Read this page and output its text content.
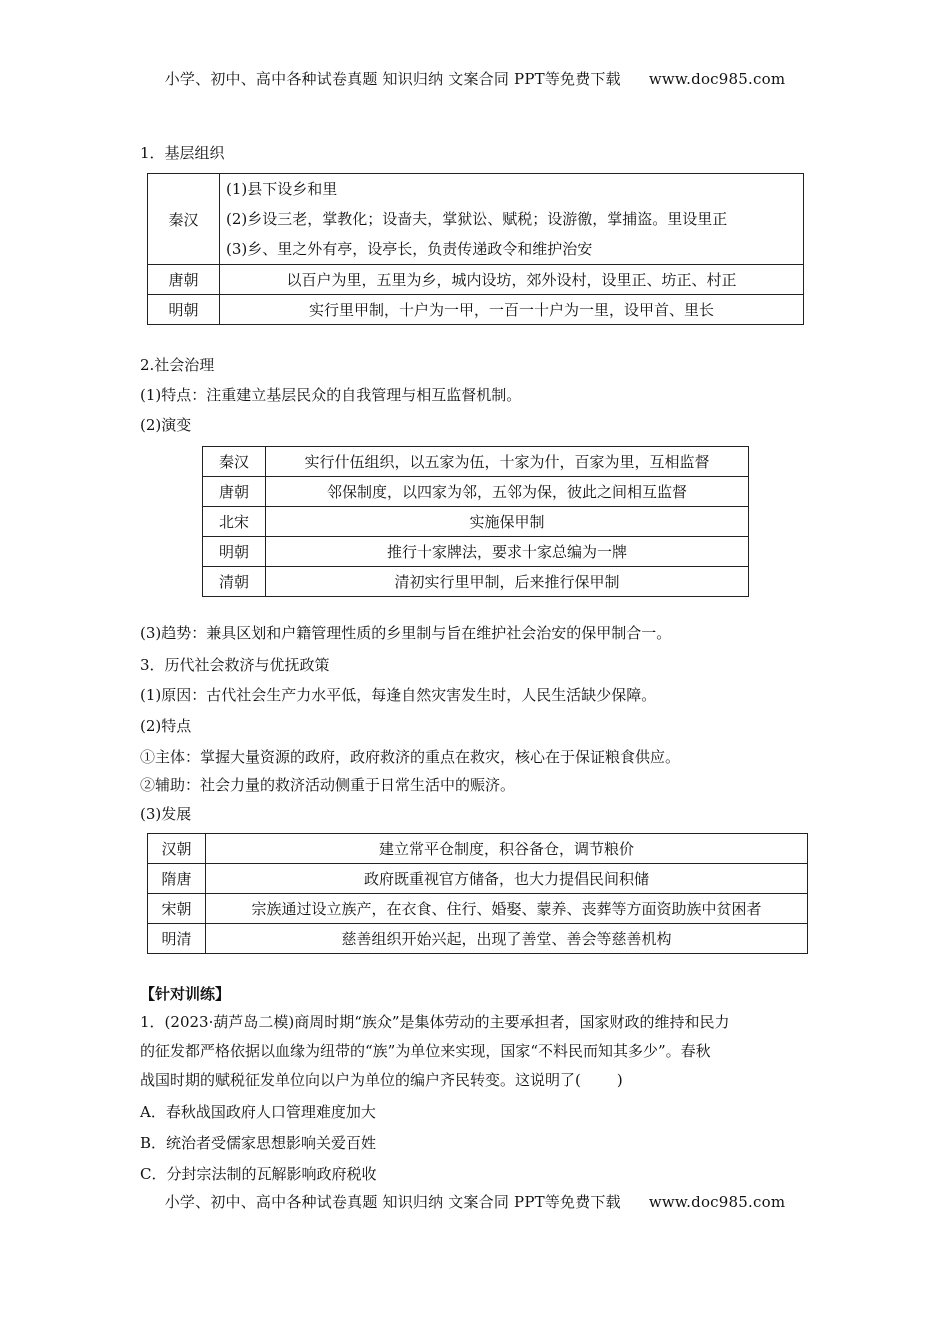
小学、初中、高中各种试卷真题 知识归纳 文案合同 PPT等免费下载 www.doc985.com
1．基层组织
秦汉	(1)县下设乡和里
(2)乡设三老，掌教化；设啬夫，掌狱讼、赋税；设游徼，掌捕盗。里设里正
(3)乡、里之外有亭，设亭长，负责传递政令和维护治安

唐朝	以百户为里，五里为乡，城内设坊，郊外设村，设里正、坊正、村正
明朝	实行里甲制，十户为一甲，一百一十户为一里，设甲首、里长
2.社会治理
(1)特点：注重建立基层民众的自我管理与相互监督机制。
(2)演变
秦汉	实行什伍组织，以五家为伍，十家为什，百家为里，互相监督
唐朝	邻保制度，以四家为邻，五邻为保，彼此之间相互监督
北宋	实施保甲制
明朝	推行十家牌法，要求十家总编为一牌
清朝	清初实行里甲制，后来推行保甲制
(3)趋势：兼具区划和户籍管理性质的乡里制与旨在维护社会治安的保甲制合一。
3．历代社会救济与优抚政策
(1)原因：古代社会生产力水平低，每逢自然灾害发生时，人民生活缺少保障。
(2)特点
①主体：掌握大量资源的政府，政府救济的重点在救灾，核心在于保证粮食供应。
②辅助：社会力量的救济活动侧重于日常生活中的赈济。
(3)发展
汉朝	建立常平仓制度，积谷备仓，调节粮价
隋唐	政府既重视官方储备，也大力提倡民间积储
宋朝	宗族通过设立族产，在衣食、住行、婚娶、蒙养、丧葬等方面资助族中贫困者
明清	慈善组织开始兴起，出现了善堂、善会等慈善机构
【针对训练】
1．(2023·葫芦岛二模)商周时期“族众”是集体劳动的主要承担者，国家财政的维持和民力
的征发都严格依据以血缘为纽带的“族”为单位来实现，国家“不料民而知其多少”。春秋
战国时期的赋税征发单位向以户为单位的编户齐民转变。这说明了( )
A．春秋战国政府人口管理难度加大
B．统治者受儒家思想影响关爱百姓
C．分封宗法制的瓦解影响政府税收
小学、初中、高中各种试卷真题 知识归纳 文案合同 PPT等免费下载 www.doc985.com
